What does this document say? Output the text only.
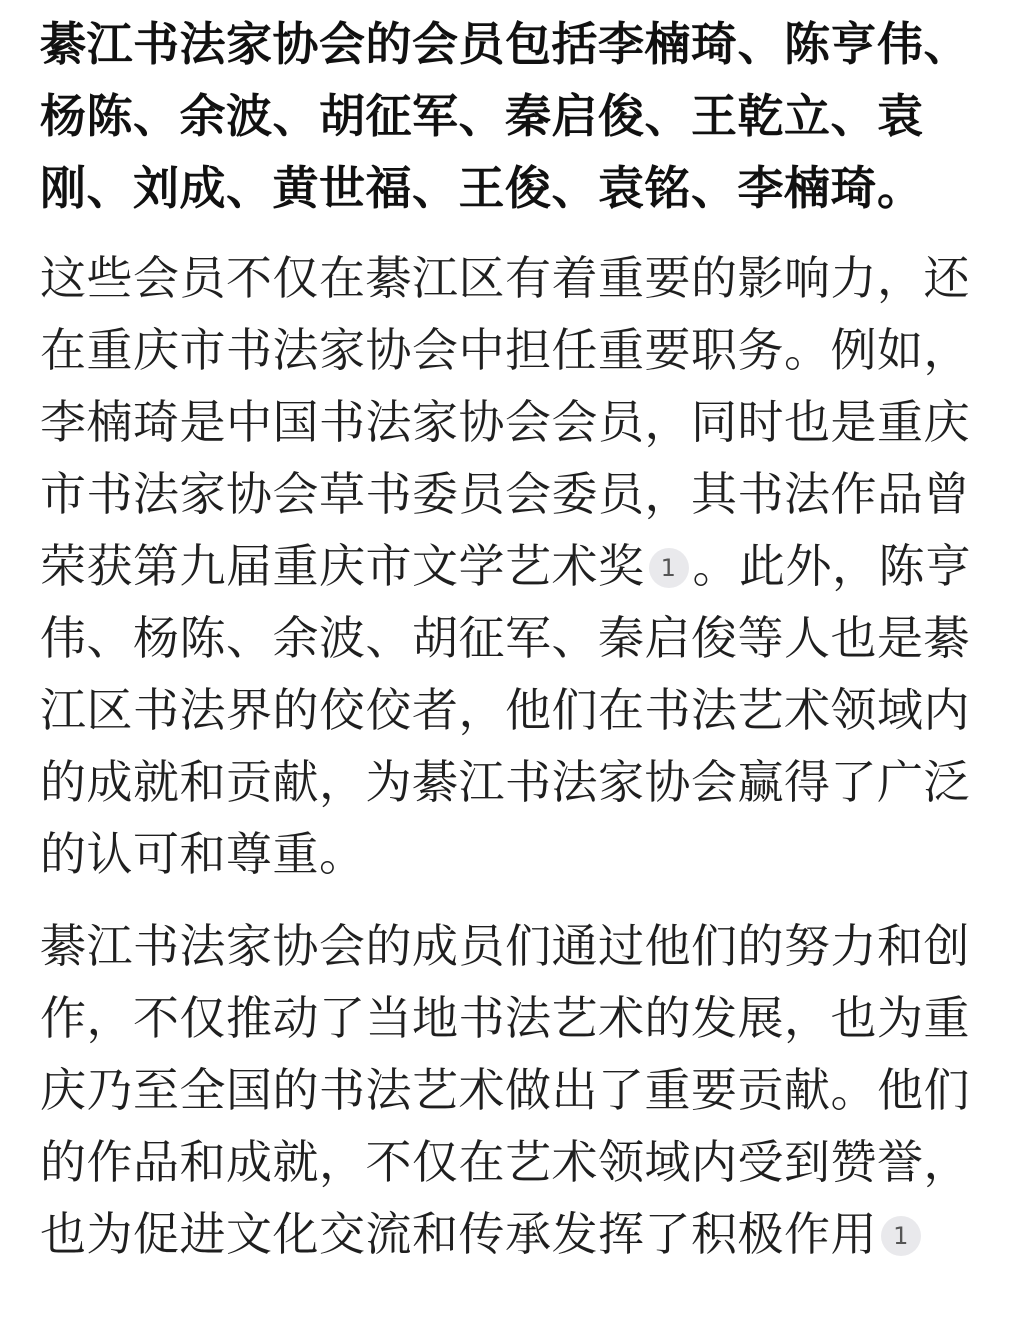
綦江书法家协会的会员包括李楠琦、陈亨伟、杨陈、余波、胡征军、秦启俊、王乾立、袁刚、刘成、黄世福、王俊、袁铭、李楠琦。

这些会员不仅在綦江区有着重要的影响力，还在重庆市书法家协会中担任重要职务。例如，李楠琦是中国书法家协会会员，同时也是重庆市书法家协会草书委员会委员，其书法作品曾荣获第九届重庆市文学艺术奖 1 。此外，陈亨伟、杨陈、余波、胡征军、秦启俊等人也是綦江区书法界的佼佼者，他们在书法艺术领域内的成就和贡献，为綦江书法家协会赢得了广泛的认可和尊重。

綦江书法家协会的成员们通过他们的努力和创作，不仅推动了当地书法艺术的发展，也为重庆乃至全国的书法艺术做出了重要贡献。他们的作品和成就，不仅在艺术领域内受到赞誉，也为促进文化交流和传承发挥了积极作用 1
